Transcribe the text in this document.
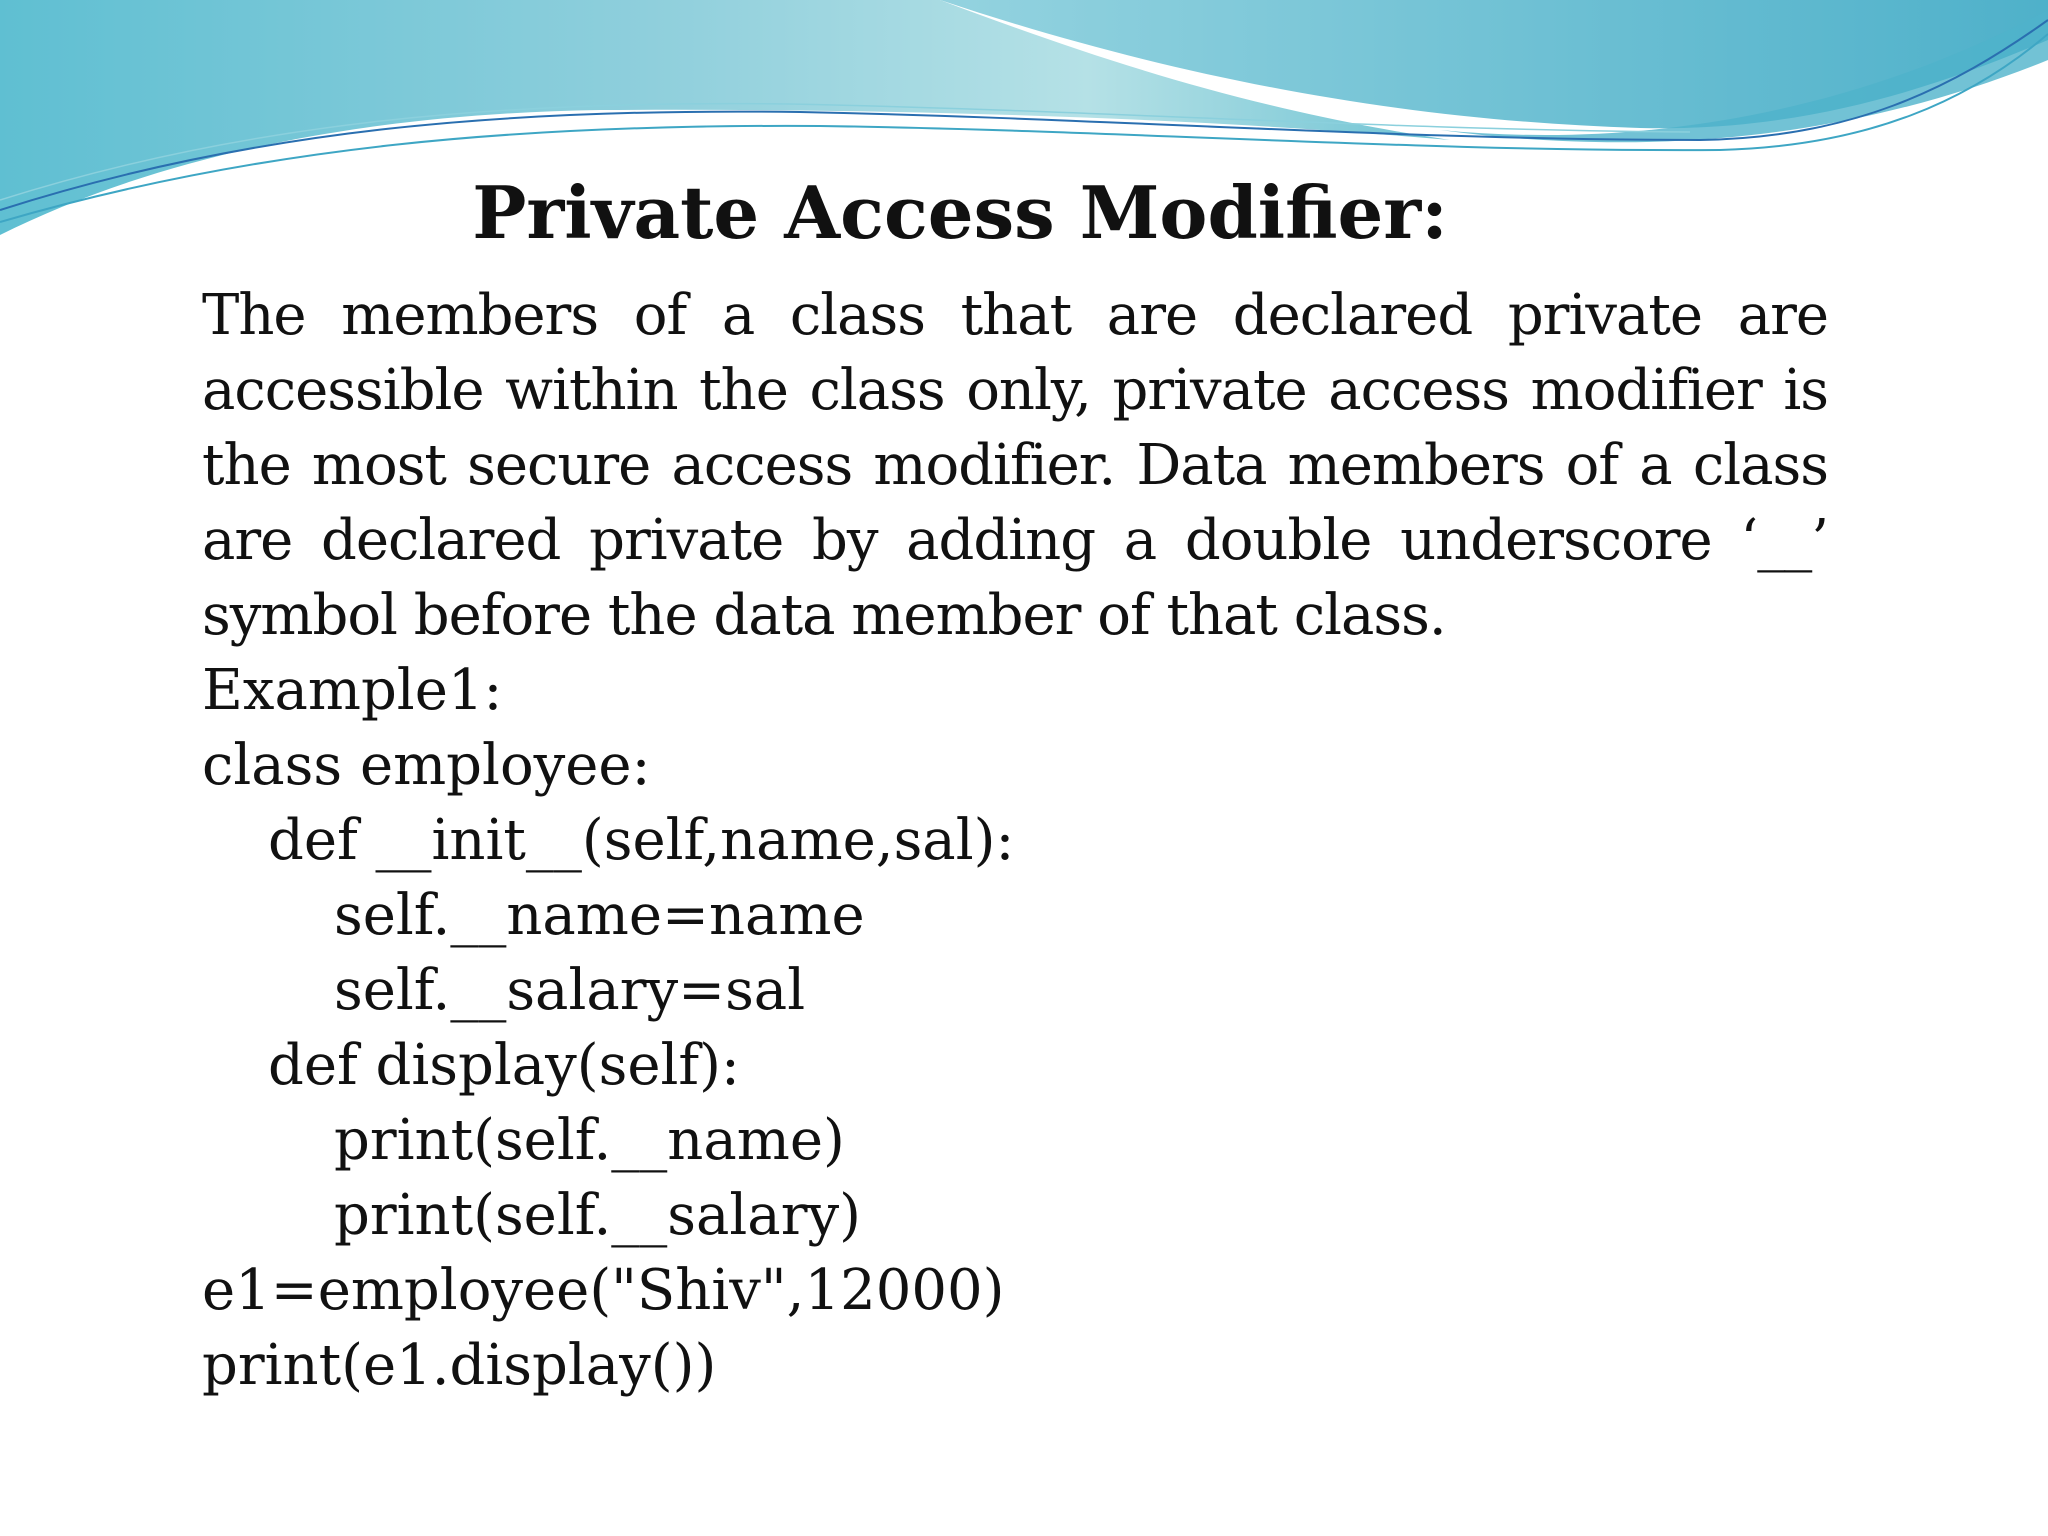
Private Access Modifier:

The members of a class that are declared private are accessible within the class only, private access modifier is the most secure access modifier. Data members of a class are declared private by adding a double underscore ‘__’ symbol before the data member of that class.

Example1:

class employee:

def __init__(self,name,sal):

self.__name=name

self.__salary=sal

def display(self):

print(self.__name)

print(self.__salary)

e1=employee("Shiv",12000)

print(e1.display())
